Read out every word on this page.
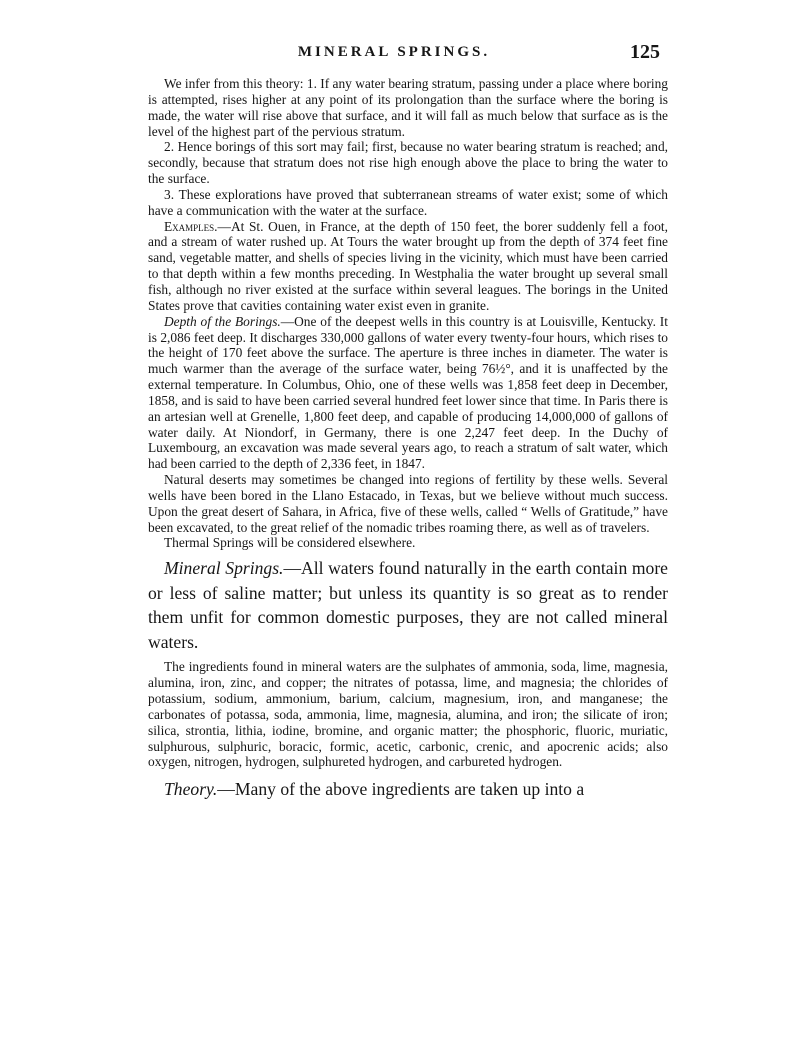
MINERAL SPRINGS.	125

We infer from this theory: 1. If any water bearing stratum, passing under a place where boring is attempted, rises higher at any point of its prolongation than the surface where the boring is made, the water will rise above that surface, and it will fall as much below that surface as is the level of the highest part of the pervious stratum.

2. Hence borings of this sort may fail; first, because no water bearing stratum is reached; and, secondly, because that stratum does not rise high enough above the place to bring the water to the surface.

3. These explorations have proved that subterranean streams of water exist; some of which have a communication with the water at the surface.

Examples.—At St. Ouen, in France, at the depth of 150 feet, the borer suddenly fell a foot, and a stream of water rushed up. At Tours the water brought up from the depth of 374 feet fine sand, vegetable matter, and shells of species living in the vicinity, which must have been carried to that depth within a few months preceding. In Westphalia the water brought up several small fish, although no river existed at the surface within several leagues. The borings in the United States prove that cavities containing water exist even in granite.

Depth of the Borings.—One of the deepest wells in this country is at Louisville, Kentucky. It is 2,086 feet deep. It discharges 330,000 gallons of water every twenty-four hours, which rises to the height of 170 feet above the surface. The aperture is three inches in diameter. The water is much warmer than the average of the surface water, being 76½°, and it is unaffected by the external temperature. In Columbus, Ohio, one of these wells was 1,858 feet deep in December, 1858, and is said to have been carried several hundred feet lower since that time. In Paris there is an artesian well at Grenelle, 1,800 feet deep, and capable of producing 14,000,000 of gallons of water daily. At Niondorf, in Germany, there is one 2,247 feet deep. In the Duchy of Luxembourg, an excavation was made several years ago, to reach a stratum of salt water, which had been carried to the depth of 2,336 feet, in 1847.

Natural deserts may sometimes be changed into regions of fertility by these wells. Several wells have been bored in the Llano Estacado, in Texas, but we believe without much success. Upon the great desert of Sahara, in Africa, five of these wells, called “ Wells of Gratitude,” have been excavated, to the great relief of the nomadic tribes roaming there, as well as of travelers.

Thermal Springs will be considered elsewhere.

Mineral Springs.—All waters found naturally in the earth contain more or less of saline matter; but unless its quantity is so great as to render them unfit for common domestic purposes, they are not called mineral waters.

The ingredients found in mineral waters are the sulphates of ammonia, soda, lime, magnesia, alumina, iron, zinc, and copper; the nitrates of potassa, lime, and magnesia; the chlorides of potassium, sodium, ammonium, barium, calcium, magnesium, iron, and manganese; the carbonates of potassa, soda, ammonia, lime, magnesia, alumina, and iron; the silicate of iron; silica, strontia, lithia, iodine, bromine, and organic matter; the phosphoric, fluoric, muriatic, sulphurous, sulphuric, boracic, formic, acetic, carbonic, crenic, and apocrenic acids; also oxygen, nitrogen, hydrogen, sulphureted hydrogen, and carbureted hydrogen.

Theory.—Many of the above ingredients are taken up into a
